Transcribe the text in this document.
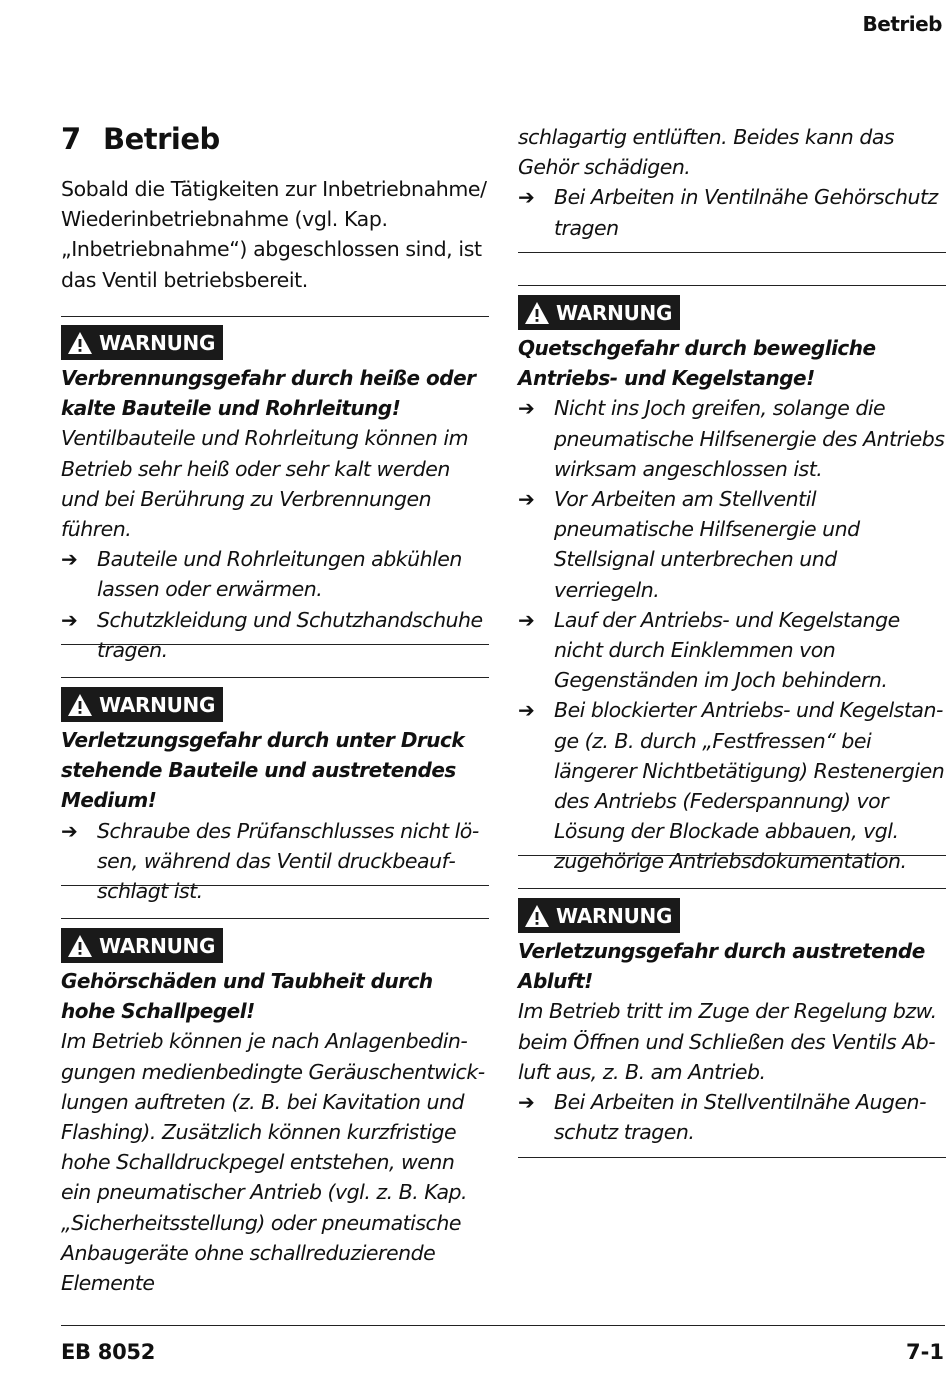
Betrieb
7 Betrieb

Sobald die Tätigkeiten zur Inbetriebnahme/ Wiederinbetriebnahme (vgl. Kap. „Inbetriebnahme“) abgeschlossen sind, ist das Ventil betriebsbereit.

WARNUNG

Verbrennungsgefahr durch heiße oder kalte Bauteile und Rohrleitung!

Ventilbauteile und Rohrleitung können im Betrieb sehr heiß oder sehr kalt werden und bei Berührung zu Verbrennungen führen.

➔ Bauteile und Rohrleitungen abkühlen lassen oder erwärmen.
➔ Schutzkleidung und Schutzhandschuhe tragen.
WARNUNG

Verletzungsgefahr durch unter Druck stehende Bauteile und austretendes Medium!

➔ Schraube des Prüfanschlusses nicht lösen, während das Ventil druckbeaufschlagt ist.
WARNUNG

Gehörschäden und Taubheit durch hohe Schallpegel!

Im Betrieb können je nach Anlagenbedingungen medienbedingte Geräuschentwicklungen auftreten (z. B. bei Kavitation und Flashing). Zusätzlich können kurzfristige hohe Schalldruckpegel entstehen, wenn ein pneumatischer Antrieb (vgl. z. B. Kap. „Sicherheitsstellung) oder pneumatische Anbaugeräte ohne schallreduzierende Elemente

schlagartig entlüften. Beides kann das Gehör schädigen.

➔ Bei Arbeiten in Ventilnähe Gehörschutz tragen
WARNUNG

Quetschgefahr durch bewegliche Antriebs- und Kegelstange!

➔ Nicht ins Joch greifen, solange die pneumatische Hilfsenergie des Antriebs wirksam angeschlossen ist.
➔ Vor Arbeiten am Stellventil pneumatische Hilfsenergie und Stellsignal unterbrechen und verriegeln.
➔ Lauf der Antriebs- und Kegelstange nicht durch Einklemmen von Gegenständen im Joch behindern.
➔ Bei blockierter Antriebs- und Kegelstange (z. B. durch „Festfressen“ bei längerer Nichtbetätigung) Restenergien des Antriebs (Federspannung) vor Lösung der Blockade abbauen, vgl. zugehörige Antriebsdokumentation.
WARNUNG

Verletzungsgefahr durch austretende Abluft!

Im Betrieb tritt im Zuge der Regelung bzw. beim Öffnen und Schließen des Ventils Abluft aus, z. B. am Antrieb.

➔ Bei Arbeiten in Stellventilnähe Augenschutz tragen.
EB 8052	7-1
